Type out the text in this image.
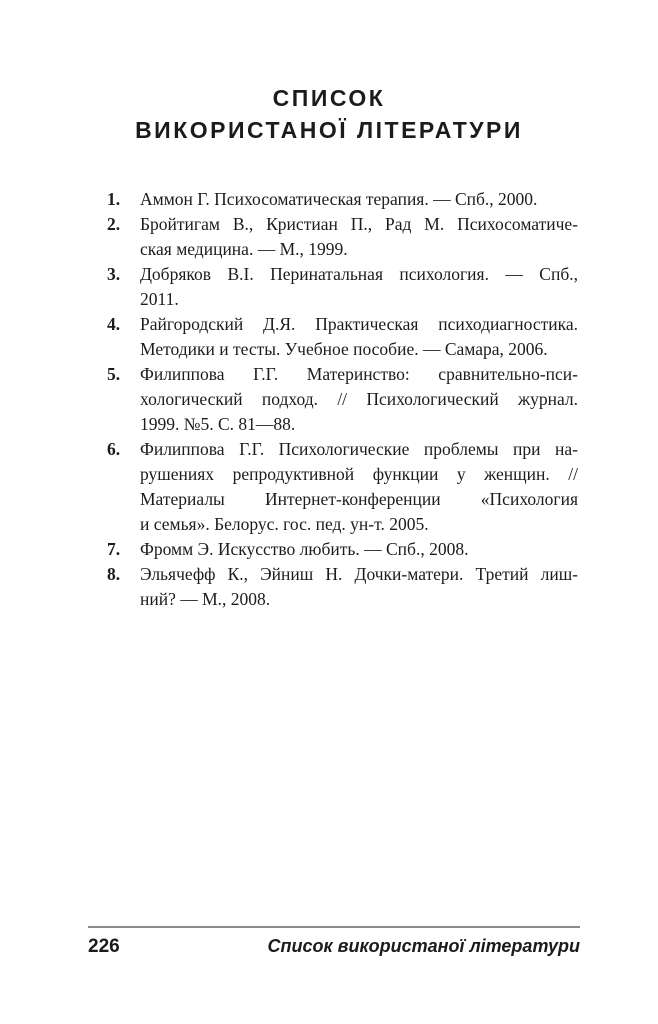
СПИСОК
ВИКОРИСТАНОЇ ЛІТЕРАТУРИ
1. Аммон Г. Психосоматическая терапия. — Спб., 2000.
2. Бройтигам В., Кристиан П., Рад М. Психосоматиче-
ская медицина. — М., 1999.
3. Добряков В.І. Перинатальная психология. — Спб.,
2011.
4. Райгородский Д.Я. Практическая психодиагностика.
Методики и тесты. Учебное пособие. — Самара, 2006.
5. Филиппова Г.Г. Материнство: сравнительно-пси-
хологический подход. // Психологический журнал.
1999. №5. С. 81—88.
6. Филиппова Г.Г. Психологические проблемы при на-
рушениях репродуктивной функции у женщин. //
Материалы Интернет-конференции «Психология
и семья». Белорус. гос. пед. ун-т. 2005.
7. Фромм Э. Искусство любить. — Спб., 2008.
8. Эльячефф К., Эйниш Н. Дочки-матери. Третий лиш-
ний? — М., 2008.
226	Список використаної літератури
